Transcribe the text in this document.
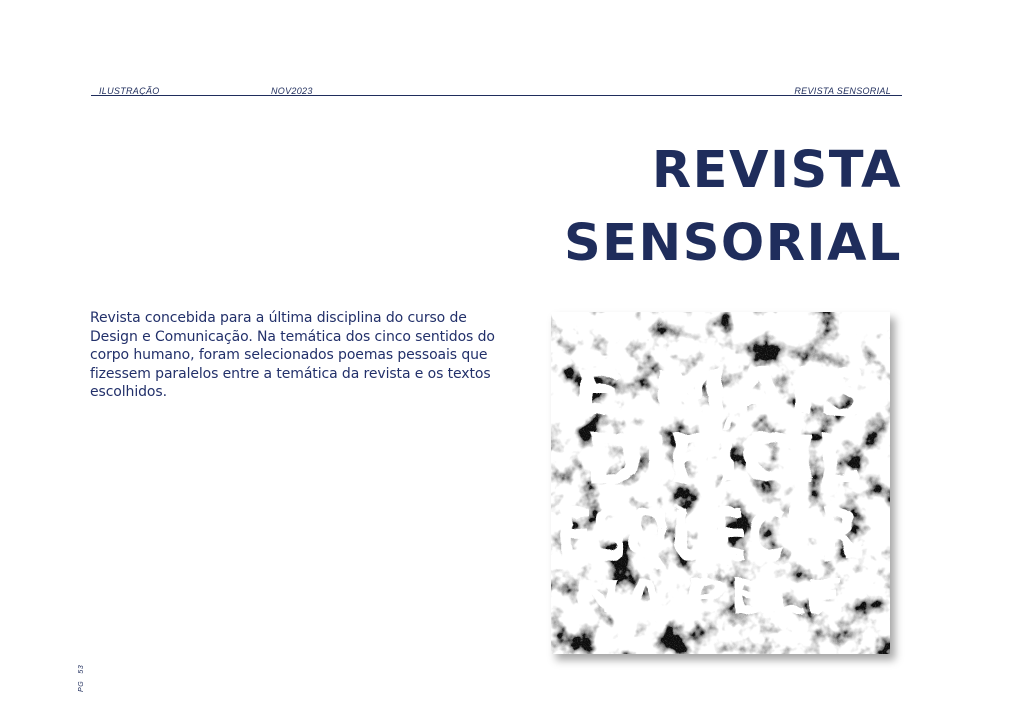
ILUSTRAÇÃO	NOV2023	REVISTA SENSORIAL
REVISTA
SENSORIAL

Revista concebida para a última disciplina do curso de Design e Comunicação. Na temática dos cinco sentidos do corpo humano, foram selecionados poemas pessoais que fizessem paralelos entre a temática da revista e os textos escolhidos.	É MAIS
DIFÍCIL
ESQUECER
NA PELE
PG53
